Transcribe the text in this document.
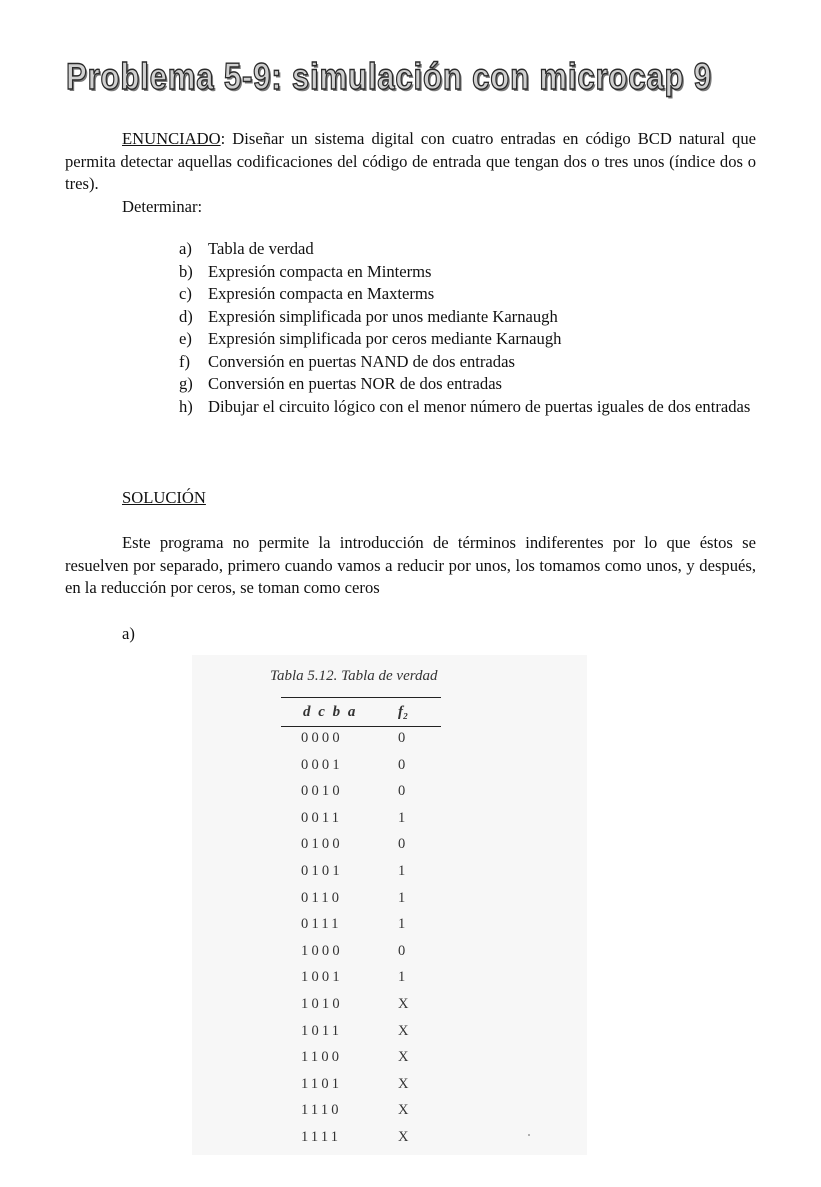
Problema 5-9: simulación con microcap 9

ENUNCIADO: Diseñar un sistema digital con cuatro entradas en código BCD natural que permita detectar aquellas codificaciones del código de entrada que tengan dos o tres unos (índice dos o tres).

Determinar:
a) Tabla de verdad
b) Expresión compacta en Minterms
c) Expresión compacta en Maxterms
d) Expresión simplificada por unos mediante Karnaugh
e) Expresión simplificada por ceros mediante Karnaugh
f) Conversión en puertas NAND de dos entradas
g) Conversión en puertas NOR de dos entradas
h) Dibujar el circuito lógico con el menor número de puertas iguales de dos entradas
SOLUCIÓN

Este programa no permite la introducción de términos indiferentes por lo que éstos se resuelven por separado, primero cuando vamos a reducir por unos, los tomamos como unos, y después, en la reducción por ceros, se toman como ceros

a)
Tabla 5.12. Tabla de verdad
d c b a	f₂
0000	0
0001	0
0010	0
0011	1
0100	0
0101	1
0110	1
0111	1
1000	0
1001	1
1010	X
1011	X
1100	X
1101	X
1110	X
1111	X
